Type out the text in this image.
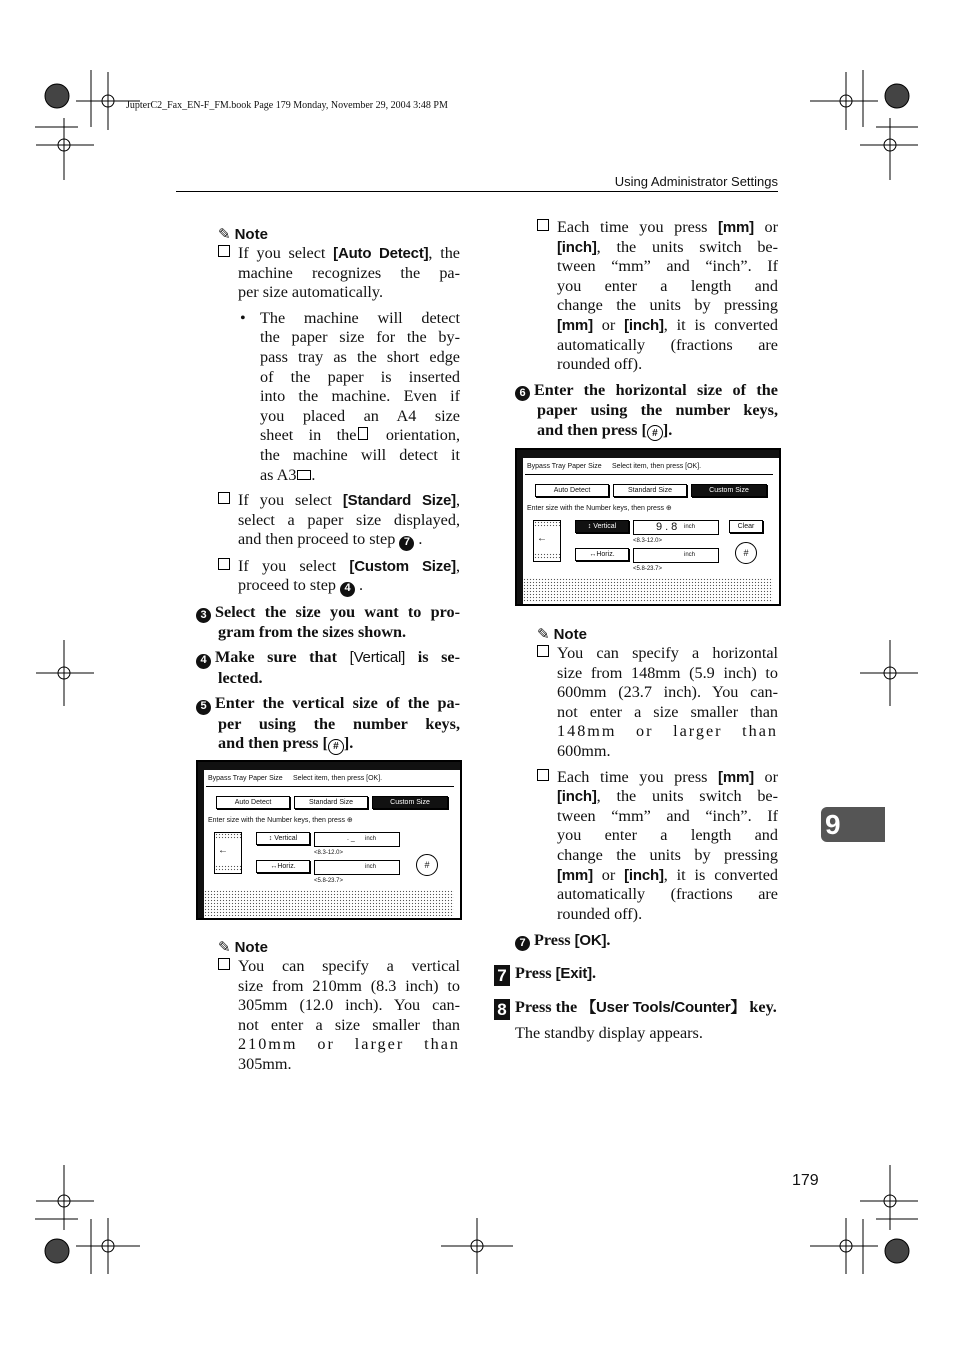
JupterC2_Fax_EN-F_FM.book Page 179 Monday, November 29, 2004 3:48 PM
Using Administrator Settings
✎ Note
If you select [Auto Detect], the
machine recognizes the pa-
per size automatically.
• The machine will detect
the paper size for the by-
pass tray as the short edge
of the paper is inserted
into the machine. Even if
you placed an A4 size
sheet in the orientation,
the machine will detect it
as A3 .
If you select [Standard Size],
select a paper size displayed,
and then proceed to step 7 .
If you select [Custom Size],
proceed to step 4 .
3 Select the size you want to pro-
gram from the sizes shown.
4 Make sure that [Vertical] is se-
lected.
5 Enter the vertical size of the pa-
per using the number keys,
and then press [ # ].
Bypass Tray Paper Size Select item, then press [OK].
Auto Detect	Standard Size	Custom Size
Enter size with the Number keys, then press ⊕
←
↕ Vertical	. _ inch
<8.3-12.0>
↔Horiz.	inch
<5.8-23.7>
#
✎ Note
You can specify a vertical
size from 210mm (8.3 inch) to
305mm (12.0 inch). You can-
not enter a size smaller than
210mm or larger than
305mm.
Each time you press [mm] or
[inch], the units switch be-
tween “mm” and “inch”. If
you enter a length and
change the units by pressing
[mm] or [inch], it is converted
automatically (fractions are
rounded off).
6 Enter the horizontal size of the
paper using the number keys,
and then press [ # ].
Bypass Tray Paper Size Select item, then press [OK].
Auto Detect	Standard Size	Custom Size
Enter size with the Number keys, then press ⊕
←
↕ Vertical	9.8 inch	Clear
<8.3-12.0>
↔Horiz.	inch
<5.8-23.7>
#
✎ Note
You can specify a horizontal
size from 148mm (5.9 inch) to
600mm (23.7 inch). You can-
not enter a size smaller than
148mm or larger than
600mm.
Each time you press [mm] or
[inch], the units switch be-
tween “mm” and “inch”. If
you enter a length and
change the units by pressing
[mm] or [inch], it is converted
automatically (fractions are
rounded off).
7 Press [OK].
7 Press [Exit].
8 Press the 【User Tools/Counter】 key.
The standby display appears.
9
179
